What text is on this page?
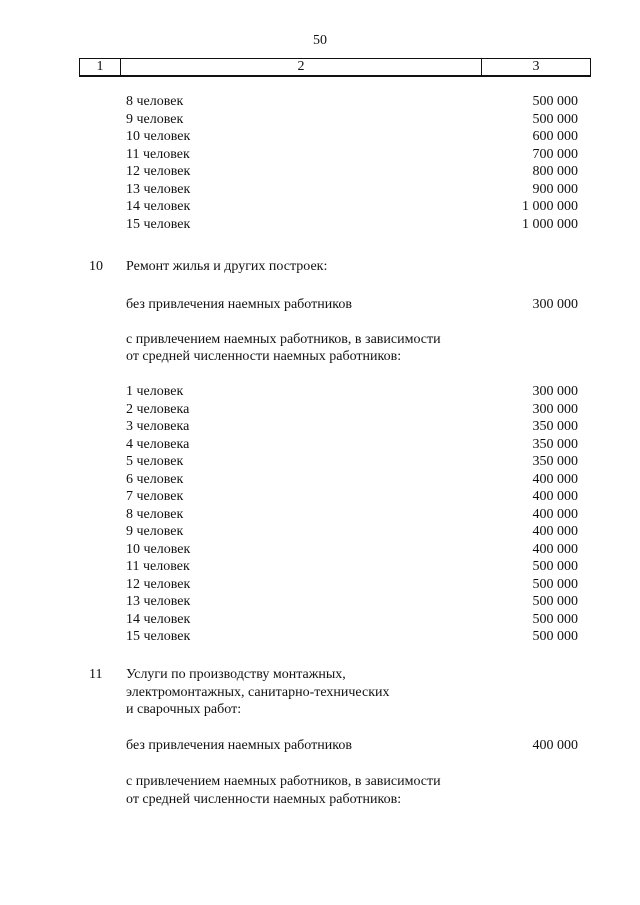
50
1	2	3
8 человек	500 000
9 человек	500 000
10 человек	600 000
11 человек	700 000
12 человек	800 000
13 человек	900 000
14 человек	1 000 000
15 человек	1 000 000
10 Ремонт жилья и других построек:
без привлечения наемных работников	300 000
с привлечением наемных работников, в зависимости
от средней численности наемных работников:
1 человек	300 000
2 человека	300 000
3 человека	350 000
4 человека	350 000
5 человек	350 000
6 человек	400 000
7 человек	400 000
8 человек	400 000
9 человек	400 000
10 человек	400 000
11 человек	500 000
12 человек	500 000
13 человек	500 000
14 человек	500 000
15 человек	500 000
11 Услуги по производству монтажных,
электромонтажных, санитарно-технических
и сварочных работ:
без привлечения наемных работников	400 000
с привлечением наемных работников, в зависимости
от средней численности наемных работников:
